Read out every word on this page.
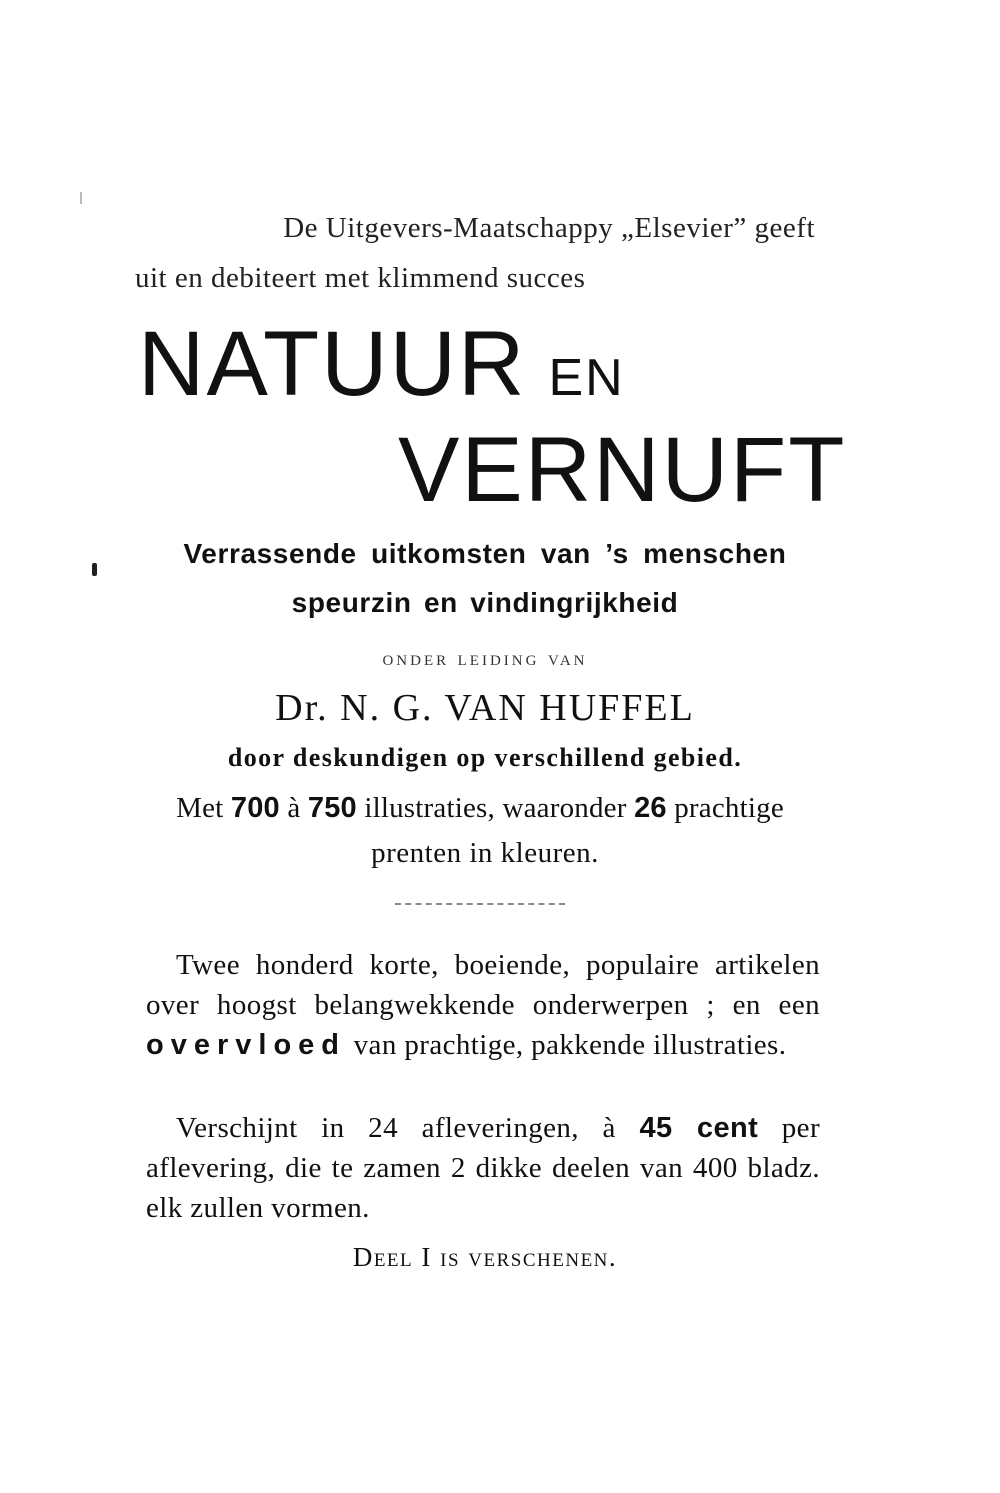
De Uitgevers-Maatschappy „Elsevier” geeft
uit en debiteert met klimmend succes
NATUUR EN
VERNUFT
Verrassende uitkomsten van ’s menschen
speurzin en vindingrijkheid
onder leiding van
Dr. N. G. VAN HUFFEL
door deskundigen op verschillend gebied.
Met 700 à 750 illustraties, waaronder 26 prachtige
prenten in kleuren.
Twee honderd korte, boeiende, populaire artikelen over hoogst belangwekkende onderwerpen ; en een overvloed van prachtige, pakkende illustraties.
Verschijnt in 24 afleveringen, à 45 cent per aflevering, die te zamen 2 dikke deelen van 400 bladz. elk zullen vormen.
Deel I is verschenen.
